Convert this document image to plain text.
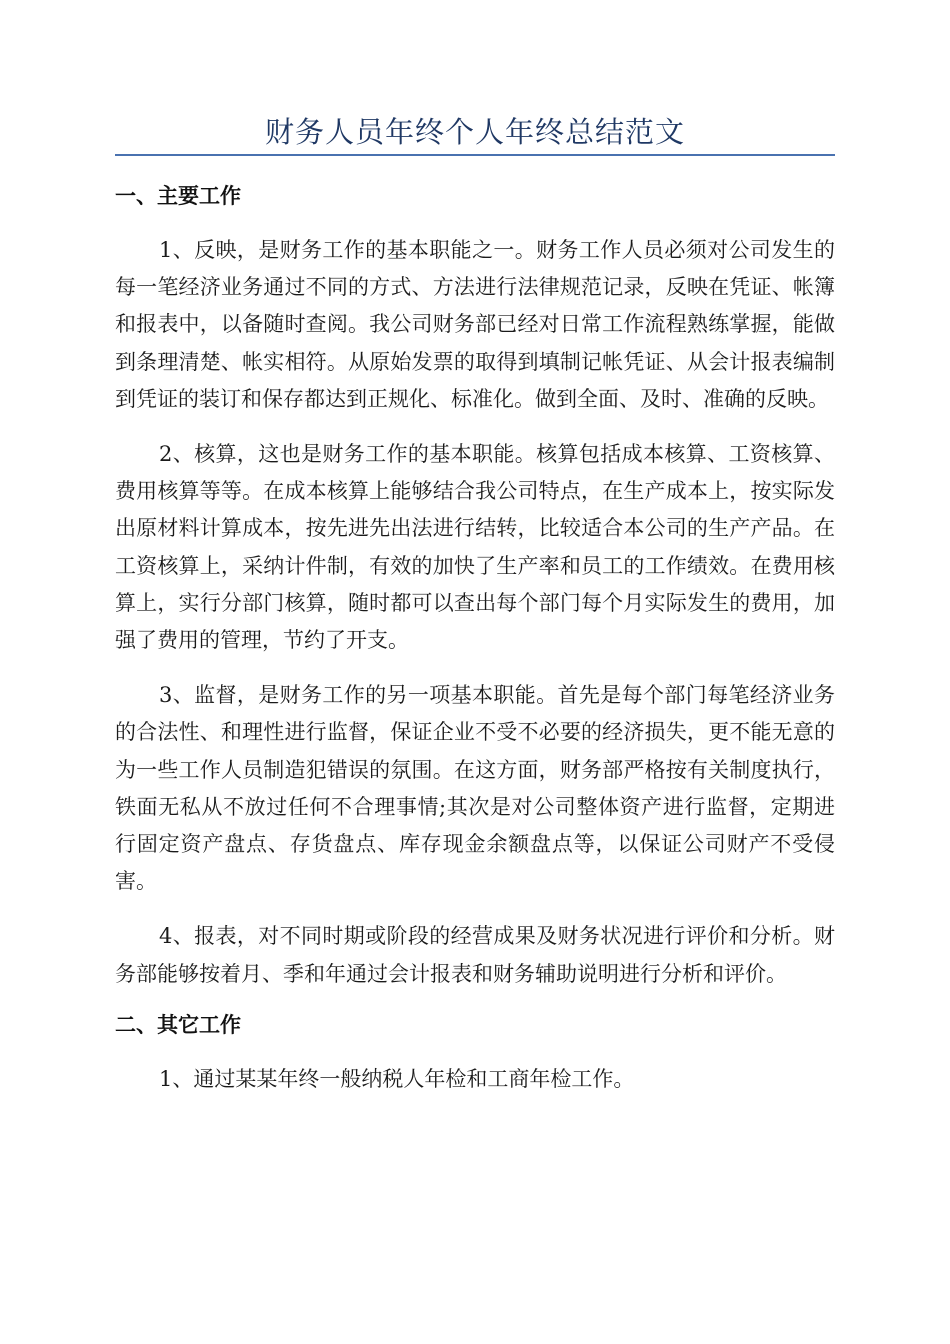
财务人员年终个人年终总结范文
一、主要工作

1、反映，是财务工作的基本职能之一。财务工作人员必须对公司发生的每一笔经济业务通过不同的方式、方法进行法律规范记录，反映在凭证、帐簿和报表中，以备随时查阅。我公司财务部已经对日常工作流程熟练掌握，能做到条理清楚、帐实相符。从原始发票的取得到填制记帐凭证、从会计报表编制到凭证的装订和保存都达到正规化、标准化。做到全面、及时、准确的反映。

2、核算，这也是财务工作的基本职能。核算包括成本核算、工资核算、费用核算等等。在成本核算上能够结合我公司特点，在生产成本上，按实际发出原材料计算成本，按先进先出法进行结转，比较适合本公司的生产产品。在工资核算上，采纳计件制，有效的加快了生产率和员工的工作绩效。在费用核算上，实行分部门核算，随时都可以查出每个部门每个月实际发生的费用，加强了费用的管理，节约了开支。

3、监督，是财务工作的另一项基本职能。首先是每个部门每笔经济业务的合法性、和理性进行监督，保证企业不受不必要的经济损失，更不能无意的为一些工作人员制造犯错误的氛围。在这方面，财务部严格按有关制度执行，铁面无私从不放过任何不合理事情;其次是对公司整体资产进行监督，定期进行固定资产盘点、存货盘点、库存现金余额盘点等，以保证公司财产不受侵害。

4、报表，对不同时期或阶段的经营成果及财务状况进行评价和分析。财务部能够按着月、季和年通过会计报表和财务辅助说明进行分析和评价。

二、其它工作

1、通过某某年终一般纳税人年检和工商年检工作。
